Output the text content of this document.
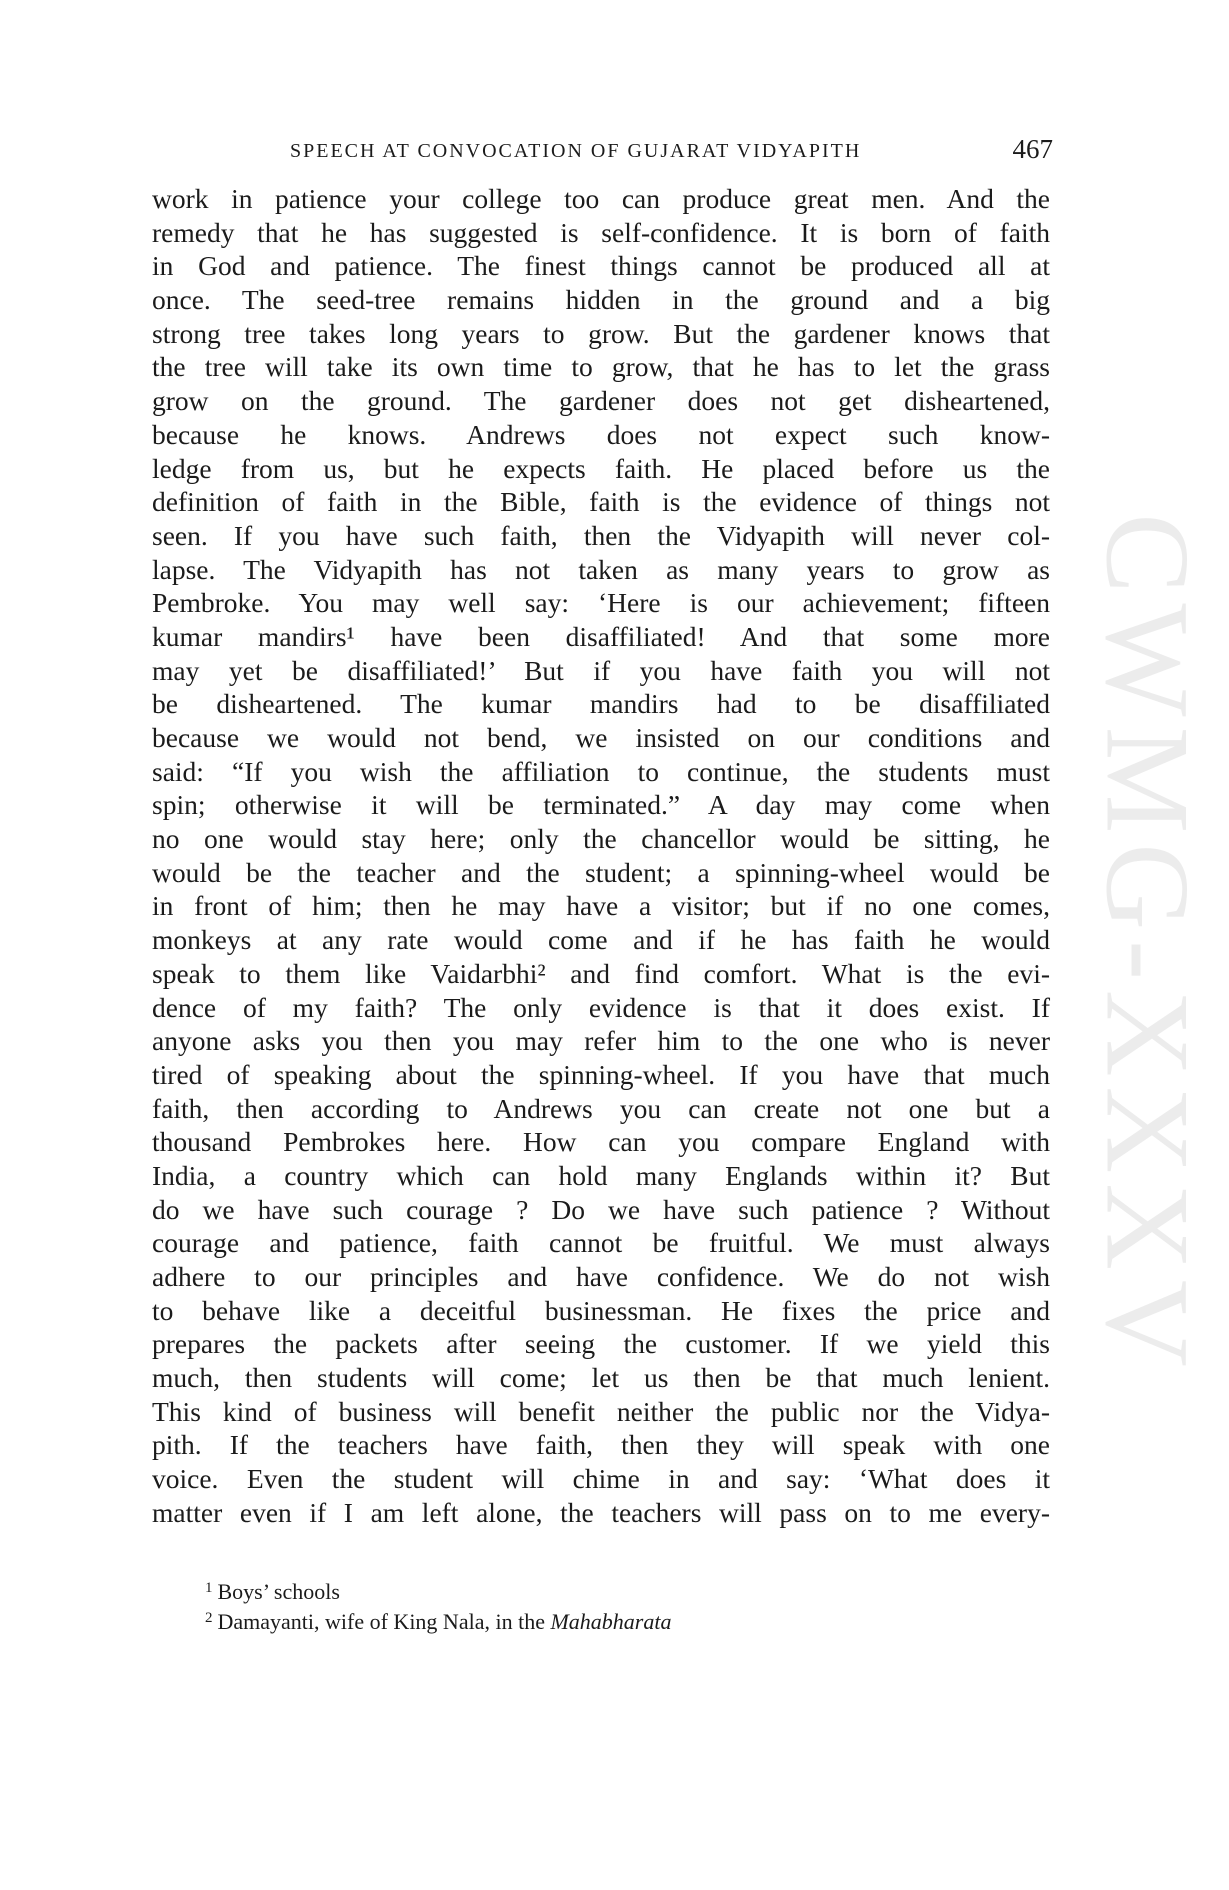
SPEECH AT CONVOCATION OF GUJARAT VIDYAPITH	467
CWMG-XXXV
work in patience your college too can produce great men. And the
remedy that he has suggested is self-confidence. It is born of faith
in God and patience. The finest things cannot be produced all at
once. The seed-tree remains hidden in the ground and a big
strong tree takes long years to grow. But the gardener knows that
the tree will take its own time to grow, that he has to let the grass
grow on the ground. The gardener does not get disheartened,
because he knows. Andrews does not expect such know-
ledge from us, but he expects faith. He placed before us the
definition of faith in the Bible, faith is the evidence of things not
seen. If you have such faith, then the Vidyapith will never col-
lapse. The Vidyapith has not taken as many years to grow as
Pembroke. You may well say: ‘Here is our achievement; fifteen
kumar mandirs¹ have been disaffiliated! And that some more
may yet be disaffiliated!’ But if you have faith you will not
be disheartened. The kumar mandirs had to be disaffiliated
because we would not bend, we insisted on our conditions and
said: “If you wish the affiliation to continue, the students must
spin; otherwise it will be terminated.” A day may come when
no one would stay here; only the chancellor would be sitting, he
would be the teacher and the student; a spinning-wheel would be
in front of him; then he may have a visitor; but if no one comes,
monkeys at any rate would come and if he has faith he would
speak to them like Vaidarbhi² and find comfort. What is the evi-
dence of my faith? The only evidence is that it does exist. If
anyone asks you then you may refer him to the one who is never
tired of speaking about the spinning-wheel. If you have that much
faith, then according to Andrews you can create not one but a
thousand Pembrokes here. How can you compare England with
India, a country which can hold many Englands within it? But
do we have such courage ? Do we have such patience ? Without
courage and patience, faith cannot be fruitful. We must always
adhere to our principles and have confidence. We do not wish
to behave like a deceitful businessman. He fixes the price and
prepares the packets after seeing the customer. If we yield this
much, then students will come; let us then be that much lenient.
This kind of business will benefit neither the public nor the Vidya-
pith. If the teachers have faith, then they will speak with one
voice. Even the student will chime in and say: ‘What does it
matter even if I am left alone, the teachers will pass on to me every-
$^1$ Boys’ schools
$^2$ Damayanti, wife of King Nala, in the Mahabharata
